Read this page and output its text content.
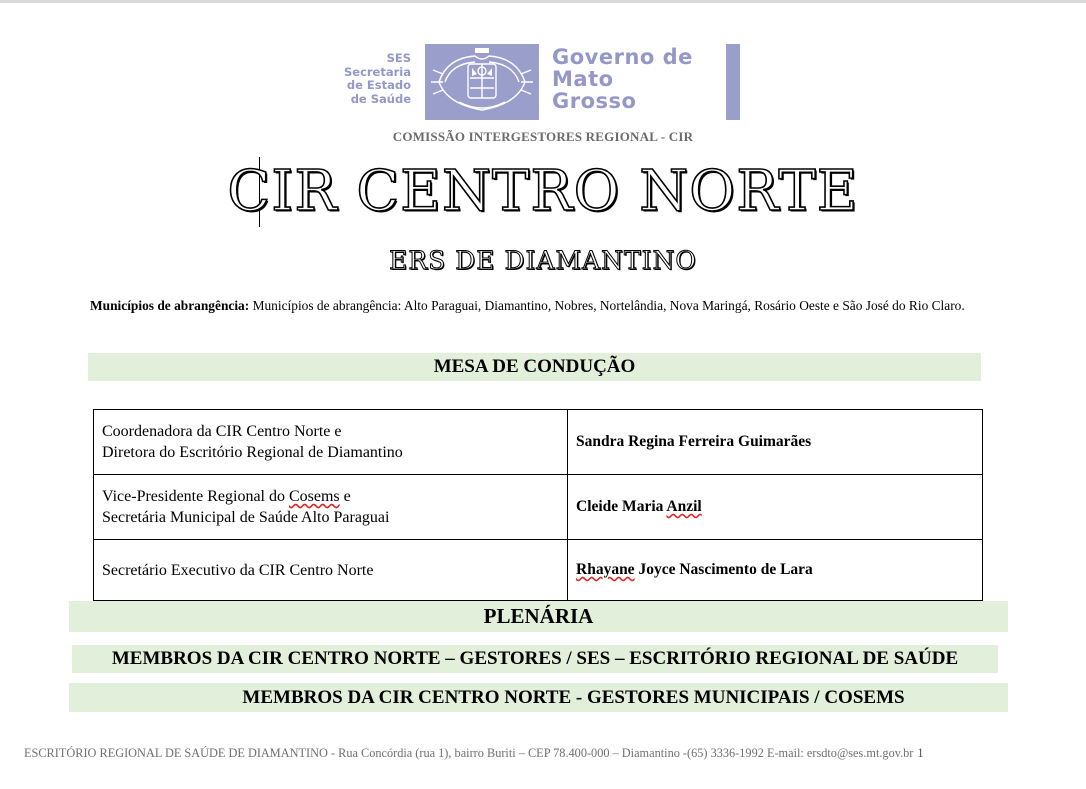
SES
Secretaria
de Estado
de Saúde
Governo de
Mato
Grosso
COMISSÃO INTERGESTORES REGIONAL - CIR
CIR CENTRO NORTE
ERS DE DIAMANTINO
Municípios de abrangência: Municípios de abrangência: Alto Paraguai, Diamantino, Nobres, Nortelândia, Nova Maringá, Rosário Oeste e São José do Rio Claro.
MESA DE CONDUÇÃO
Coordenadora da CIR Centro Norte e
Diretora do Escritório Regional de Diamantino	Sandra Regina Ferreira Guimarães

Vice-Presidente Regional do Cosems e
Secretária Municipal de Saúde Alto Paraguai	Cleide Maria Anzil
Secretário Executivo da CIR Centro Norte	Rhayane Joyce Nascimento de Lara
PLENÁRIA
MEMBROS DA CIR CENTRO NORTE – GESTORES / SES – ESCRITÓRIO REGIONAL DE SAÚDE
MEMBROS DA CIR CENTRO NORTE - GESTORES MUNICIPAIS / COSEMS
ESCRITÓRIO REGIONAL DE SAÚDE DE DIAMANTINO - Rua Concórdia (rua 1), bairro Buriti – CEP 78.400-000 – Diamantino -(65) 3336-1992 E-mail: ersdto@ses.mt.gov.br 1
